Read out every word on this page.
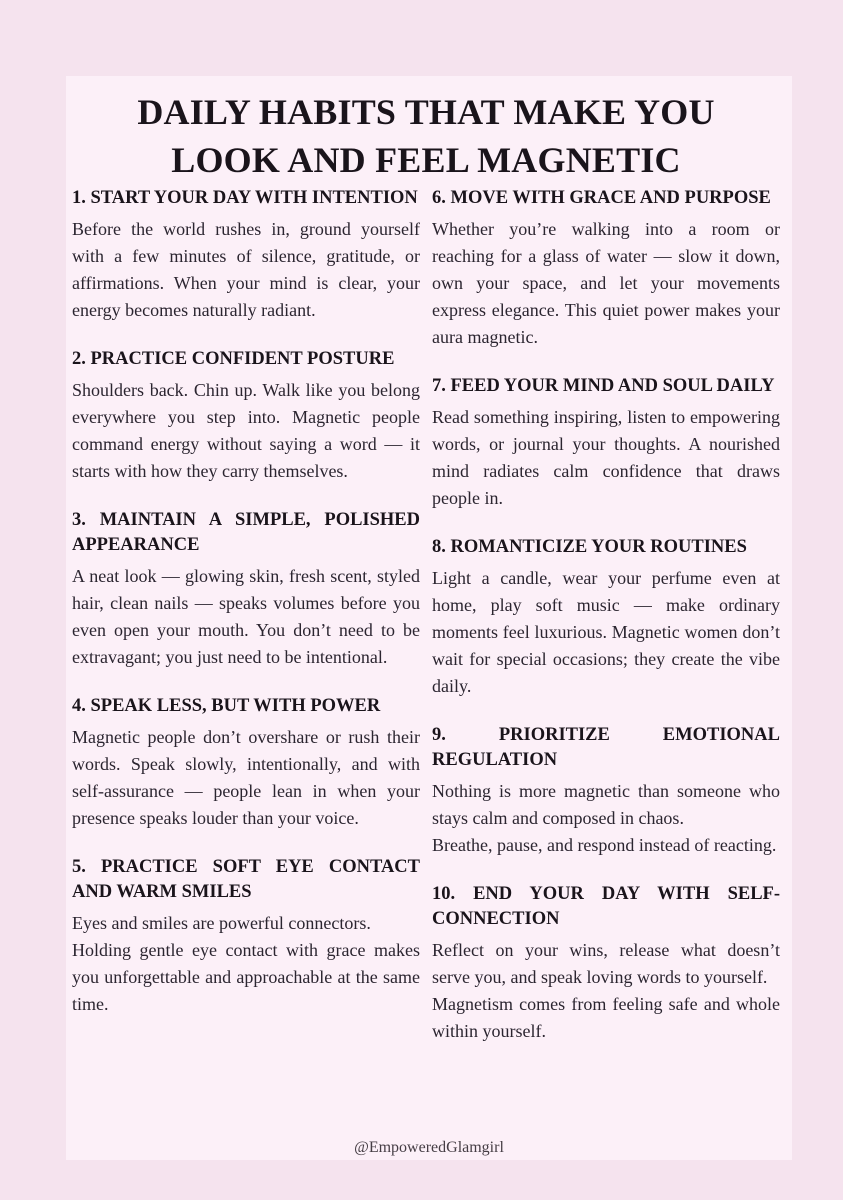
DAILY HABITS THAT MAKE YOU
LOOK AND FEEL MAGNETIC
1. START YOUR DAY WITH INTENTION

Before the world rushes in, ground yourself with a few minutes of silence, gratitude, or affirmations. When your mind is clear, your energy becomes naturally radiant.

2. PRACTICE CONFIDENT POSTURE

Shoulders back. Chin up. Walk like you belong everywhere you step into. Magnetic people command energy without saying a word — it starts with how they carry themselves.

3. MAINTAIN A SIMPLE, POLISHED APPEARANCE

A neat look — glowing skin, fresh scent, styled hair, clean nails — speaks volumes before you even open your mouth. You don’t need to be extravagant; you just need to be intentional.

4. SPEAK LESS, BUT WITH POWER

Magnetic people don’t overshare or rush their words. Speak slowly, intentionally, and with self-assurance — people lean in when your presence speaks louder than your voice.

5. PRACTICE SOFT EYE CONTACT AND WARM SMILES

Eyes and smiles are powerful connectors.

Holding gentle eye contact with grace makes you unforgettable and approachable at the same time.

6. MOVE WITH GRACE AND PURPOSE

Whether you’re walking into a room or reaching for a glass of water — slow it down, own your space, and let your movements express elegance. This quiet power makes your aura magnetic.

7. FEED YOUR MIND AND SOUL DAILY

Read something inspiring, listen to empowering words, or journal your thoughts. A nourished mind radiates calm confidence that draws people in.

8. ROMANTICIZE YOUR ROUTINES

Light a candle, wear your perfume even at home, play soft music — make ordinary moments feel luxurious. Magnetic women don’t wait for special occasions; they create the vibe daily.

9. PRIORITIZE EMOTIONAL REGULATION

Nothing is more magnetic than someone who stays calm and composed in chaos.

Breathe, pause, and respond instead of reacting.

10. END YOUR DAY WITH SELF-CONNECTION

Reflect on your wins, release what doesn’t serve you, and speak loving words to yourself.

Magnetism comes from feeling safe and whole within yourself.

@EmpoweredGlamgirl
